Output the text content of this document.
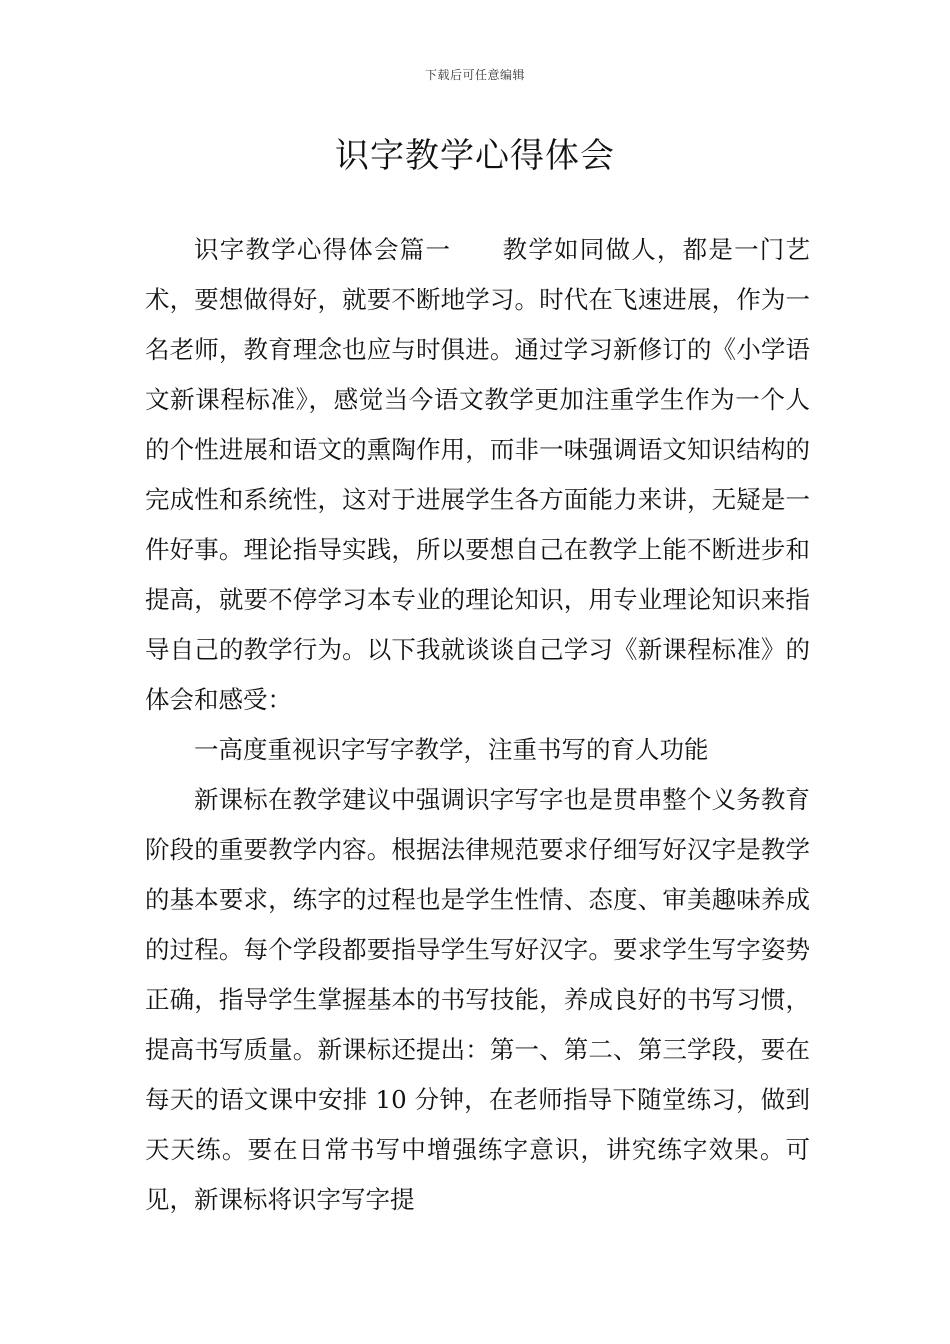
下载后可任意编辑
识字教学心得体会

识字教学心得体会篇一　　教学如同做人，都是一门艺术，要想做得好，就要不断地学习。时代在飞速进展，作为一名老师，教育理念也应与时俱进。通过学习新修订的《小学语文新课程标准》，感觉当今语文教学更加注重学生作为一个人的个性进展和语文的熏陶作用，而非一味强调语文知识结构的完成性和系统性，这对于进展学生各方面能力来讲，无疑是一件好事。理论指导实践，所以要想自己在教学上能不断进步和提高，就要不停学习本专业的理论知识，用专业理论知识来指导自己的教学行为。以下我就谈谈自己学习《新课程标准》的体会和感受：

一高度重视识字写字教学，注重书写的育人功能

新课标在教学建议中强调识字写字也是贯串整个义务教育阶段的重要教学内容。根据法律规范要求仔细写好汉字是教学的基本要求，练字的过程也是学生性情、态度、审美趣味养成的过程。每个学段都要指导学生写好汉字。要求学生写字姿势正确，指导学生掌握基本的书写技能，养成良好的书写习惯，提高书写质量。新课标还提出：第一、第二、第三学段，要在每天的语文课中安排 10 分钟，在老师指导下随堂练习，做到天天练。要在日常书写中增强练字意识，讲究练字效果。可见，新课标将识字写字提
